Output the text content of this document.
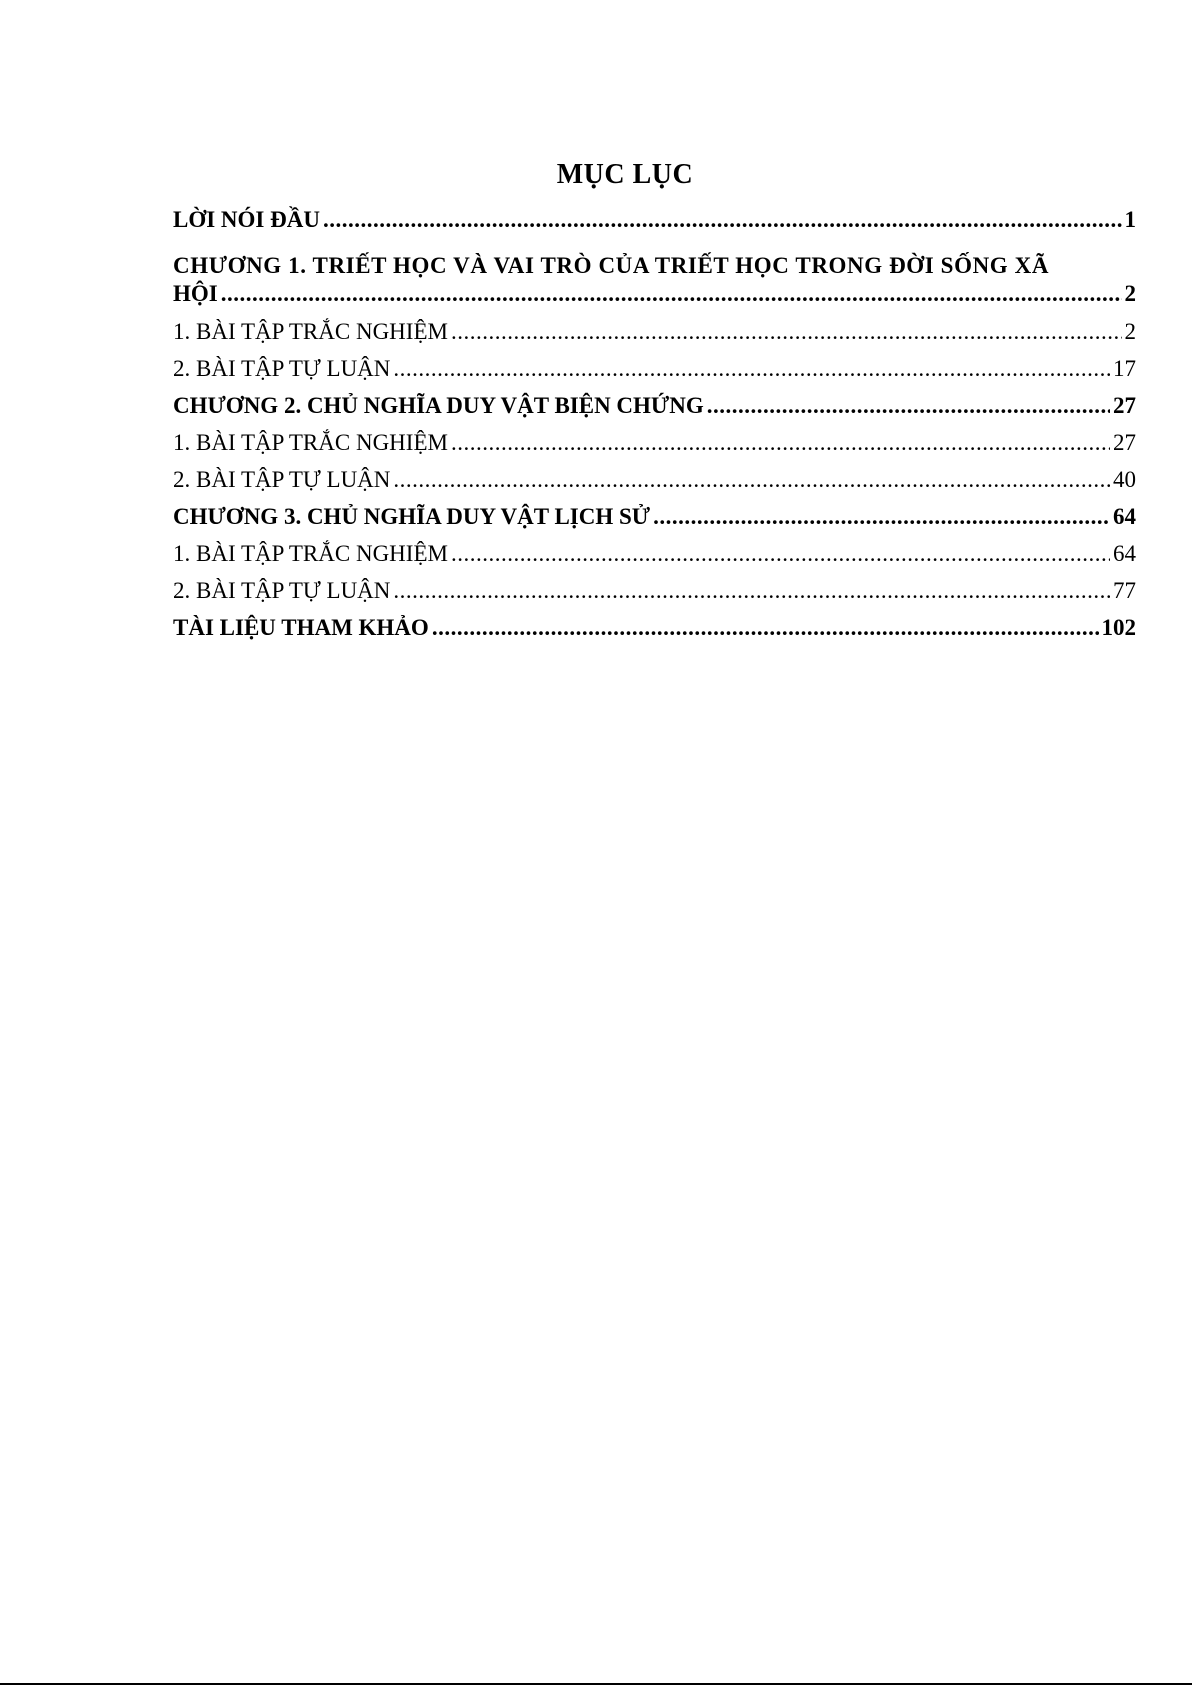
MỤC LỤC
LỜI NÓI ĐẦU .....	1
CHƯƠNG 1. TRIẾT HỌC VÀ VAI TRÒ CỦA TRIẾT HỌC TRONG ĐỜI SỐNG XÃ
HỘI .....	2
1. BÀI TẬP TRẮC NGHIỆM .....	2
2. BÀI TẬP TỰ LUẬN .....	17
CHƯƠNG 2. CHỦ NGHĨA DUY VẬT BIỆN CHỨNG .....	27
1. BÀI TẬP TRẮC NGHIỆM .....	27
2. BÀI TẬP TỰ LUẬN .....	40
CHƯƠNG 3. CHỦ NGHĨA DUY VẬT LỊCH SỬ .....	64
1. BÀI TẬP TRẮC NGHIỆM .....	64
2. BÀI TẬP TỰ LUẬN .....	77
TÀI LIỆU THAM KHẢO .....	102
